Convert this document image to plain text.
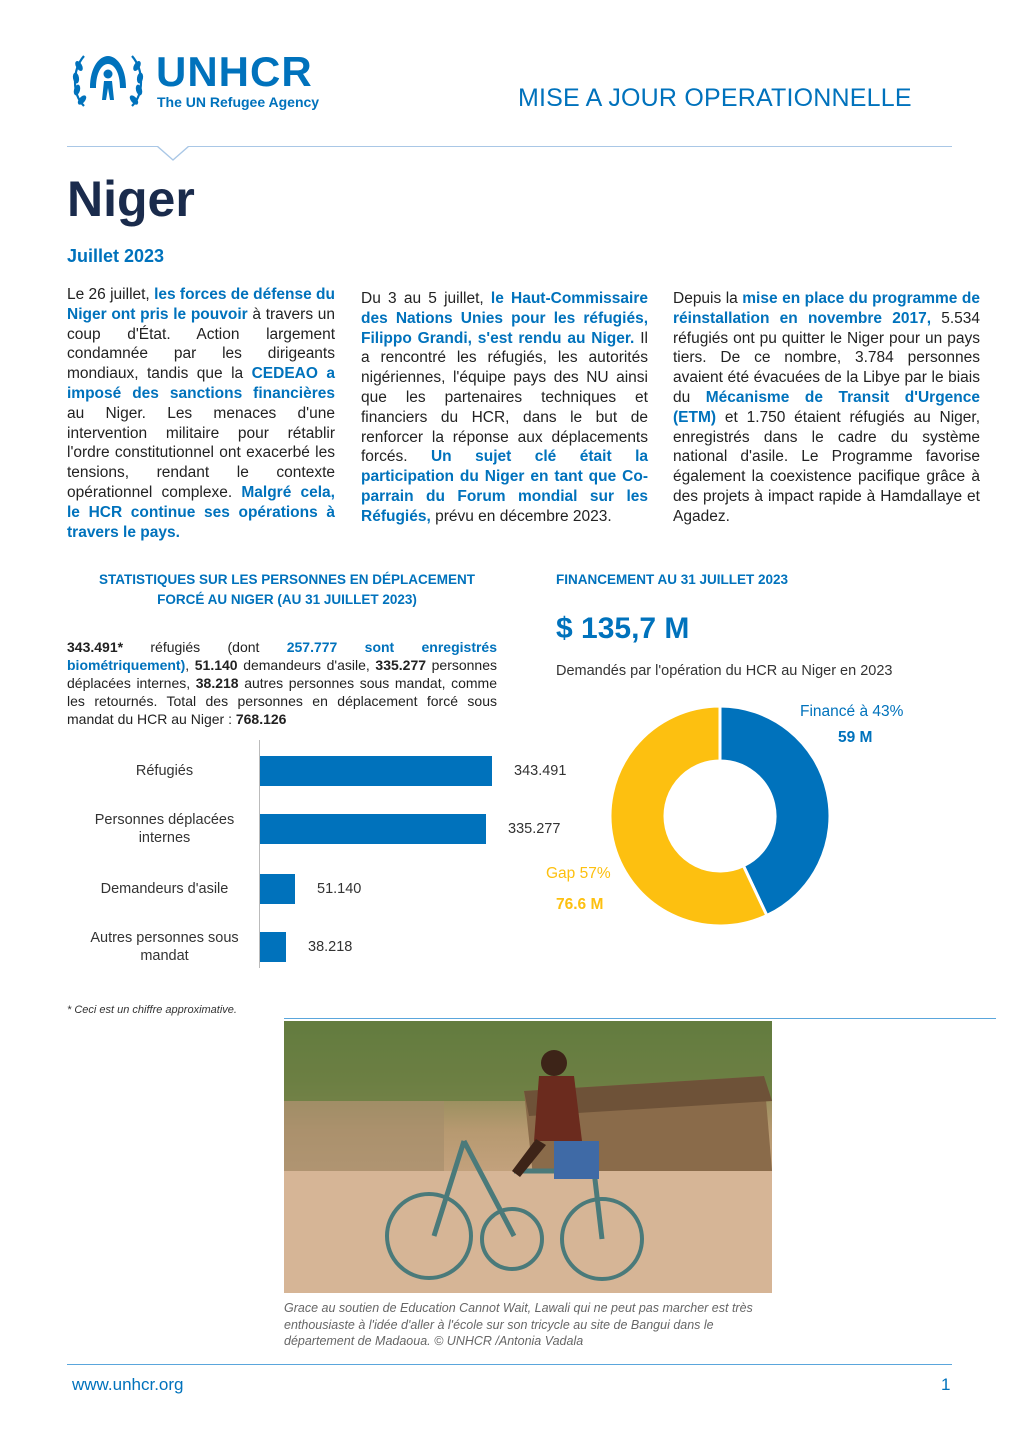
UNHCR
The UN Refugee Agency	MISE A JOUR OPERATIONNELLE
Niger
Juillet 2023
Le 26 juillet, les forces de défense du Niger ont pris le pouvoir à travers un coup d'État. Action largement condamnée par les dirigeants mondiaux, tandis que la CEDEAO a imposé des sanctions financières au Niger. Les menaces d'une intervention militaire pour rétablir l'ordre constitutionnel ont exacerbé les tensions, rendant le contexte opérationnel complexe. Malgré cela, le HCR continue ses opérations à travers le pays.
Du 3 au 5 juillet, le Haut-Commissaire des Nations Unies pour les réfugiés, Filippo Grandi, s'est rendu au Niger. Il a rencontré les réfugiés, les autorités nigériennes, l'équipe pays des NU ainsi que les partenaires techniques et financiers du HCR, dans le but de renforcer la réponse aux déplacements forcés. Un sujet clé était la participation du Niger en tant que Co-parrain du Forum mondial sur les Réfugiés, prévu en décembre 2023.
Depuis la mise en place du programme de réinstallation en novembre 2017, 5.534 réfugiés ont pu quitter le Niger pour un pays tiers. De ce nombre, 3.784 personnes avaient été évacuées de la Libye par le biais du Mécanisme de Transit d'Urgence (ETM) et 1.750 étaient réfugiés au Niger, enregistrés dans le cadre du système national d'asile. Le Programme favorise également la coexistence pacifique grâce à des projets à impact rapide à Hamdallaye et Agadez.
STATISTIQUES SUR LES PERSONNES EN DÉPLACEMENT
FORCÉ AU NIGER (AU 31 JUILLET 2023)
343.491* réfugiés (dont 257.777 sont enregistrés biométriquement), 51.140 demandeurs d'asile, 335.277 personnes déplacées internes, 38.218 autres personnes sous mandat, comme les retournés. Total des personnes en déplacement forcé sous mandat du HCR au Niger : 768.126
Réfugiés	343.491
Personnes déplacées
internes
335.277
Demandeurs d'asile	51.140
Autres personnes sous
mandat
38.218
* Ceci est un chiffre approximative.
FINANCEMENT AU 31 JUILLET 2023
$ 135,7 M
Demandés par l'opération du HCR au Niger en 2023
Financé à 43%
59 M
Gap 57%
76.6 M
Grace au soutien de Education Cannot Wait, Lawali qui ne peut pas marcher est très enthousiaste à l'idée d'aller à l'école sur son tricycle au site de Bangui dans le département de Madaoua. © UNHCR /Antonia Vadala
www.unhcr.org	1
